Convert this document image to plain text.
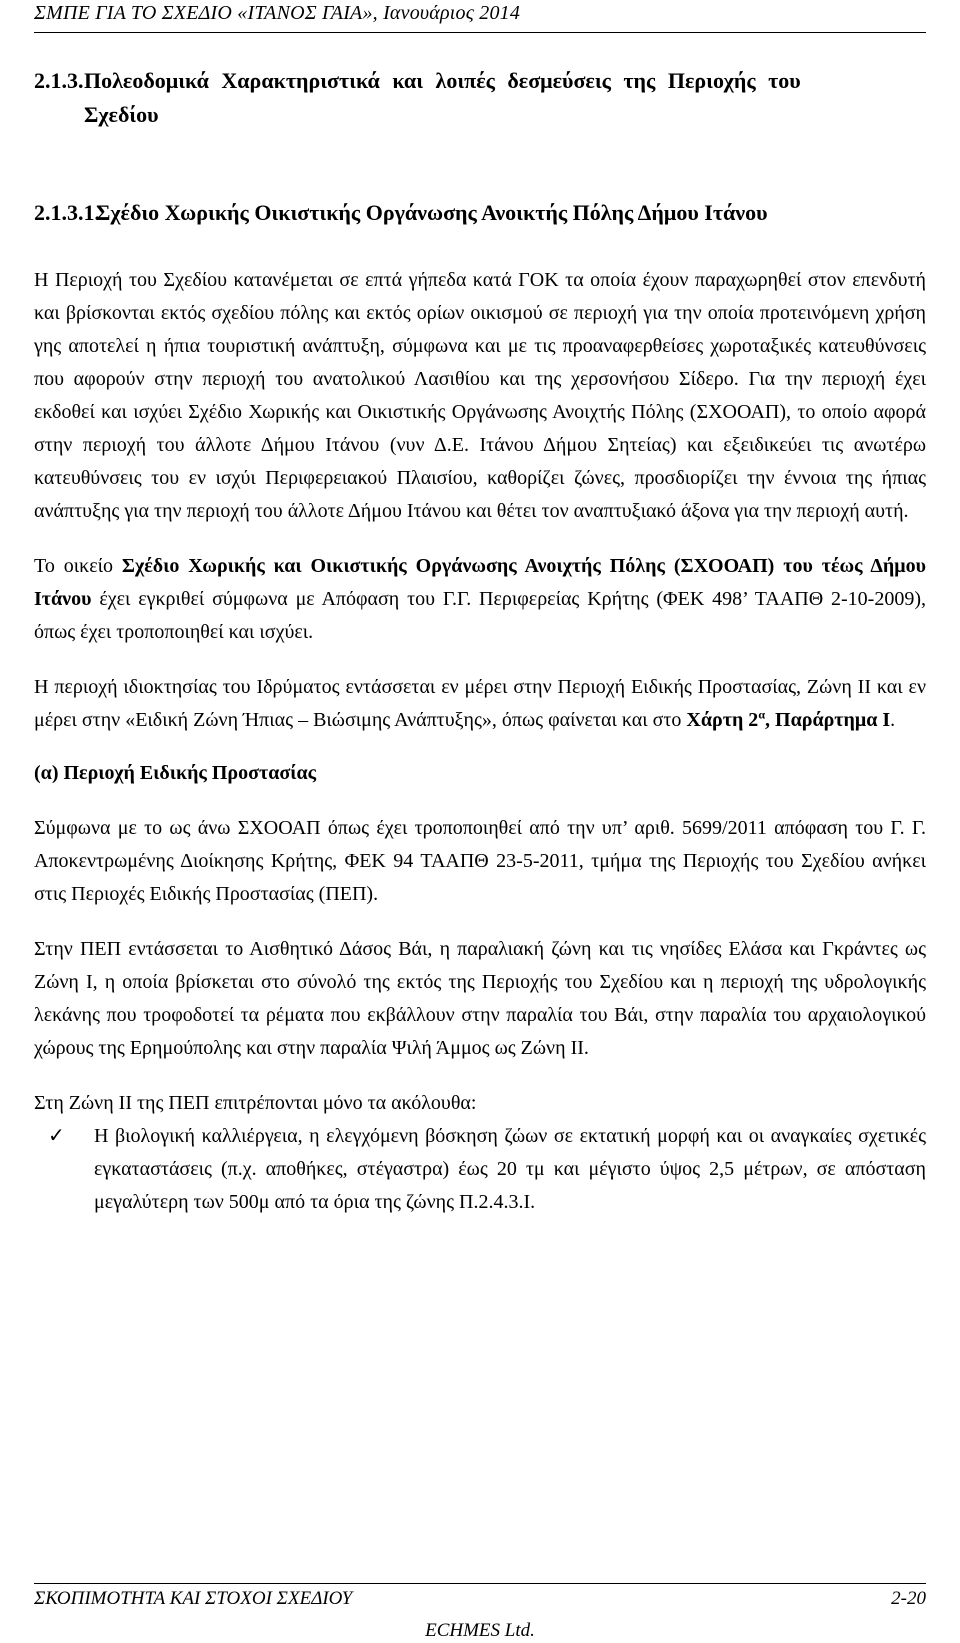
ΣΜΠΕ ΓΙΑ ΤΟ ΣΧΕΔΙΟ «ΙΤΑΝΟΣ ΓΑΙΑ», Ιανουάριος 2014
2.1.3.Πολεοδομικά Χαρακτηριστικά και λοιπές δεσμεύσεις της Περιοχής του
Σχεδίου
2.1.3.1.Σχέδιο Χωρικής Οικιστικής Οργάνωσης Ανοικτής Πόλης Δήμου Ιτάνου

Η Περιοχή του Σχεδίου κατανέμεται σε επτά γήπεδα κατά ΓΟΚ τα οποία έχουν παραχωρηθεί στον επενδυτή και βρίσκονται εκτός σχεδίου πόλης και εκτός ορίων οικισμού σε περιοχή για την οποία προτεινόμενη χρήση γης αποτελεί η ήπια τουριστική ανάπτυξη, σύμφωνα και με τις προαναφερθείσες χωροταξικές κατευθύνσεις που αφορούν στην περιοχή του ανατολικού Λασιθίου και της χερσονήσου Σίδερο. Για την περιοχή έχει εκδοθεί και ισχύει Σχέδιο Χωρικής και Οικιστικής Οργάνωσης Ανοιχτής Πόλης (ΣΧΟΟΑΠ), το οποίο αφορά στην περιοχή του άλλοτε Δήμου Ιτάνου (νυν Δ.Ε. Ιτάνου Δήμου Σητείας) και εξειδικεύει τις ανωτέρω κατευθύνσεις του εν ισχύι Περιφερειακού Πλαισίου, καθορίζει ζώνες, προσδιορίζει την έννοια της ήπιας ανάπτυξης για την περιοχή του άλλοτε Δήμου Ιτάνου και θέτει τον αναπτυξιακό άξονα για την περιοχή αυτή.

Το οικείο Σχέδιο Χωρικής και Οικιστικής Οργάνωσης Ανοιχτής Πόλης (ΣΧΟΟΑΠ) του τέως Δήμου Ιτάνου έχει εγκριθεί σύμφωνα με Απόφαση του Γ.Γ. Περιφερείας Κρήτης (ΦΕΚ 498’ ΤΑΑΠΘ 2-10-2009), όπως έχει τροποποιηθεί και ισχύει.

Η περιοχή ιδιοκτησίας του Ιδρύματος εντάσσεται εν μέρει στην Περιοχή Ειδικής Προστασίας, Ζώνη ΙΙ και εν μέρει στην «Ειδική Ζώνη Ήπιας – Βιώσιμης Ανάπτυξης», όπως φαίνεται και στο Χάρτη $2^\alpha$, Παράρτημα Ι.

(α) Περιοχή Ειδικής Προστασίας

Σύμφωνα με το ως άνω ΣΧΟΟΑΠ όπως έχει τροποποιηθεί από την υπ’ αριθ. 5699/2011 απόφαση του Γ. Γ. Αποκεντρωμένης Διοίκησης Κρήτης, ΦΕΚ 94 ΤΑΑΠΘ 23-5-2011, τμήμα της Περιοχής του Σχεδίου ανήκει στις Περιοχές Ειδικής Προστασίας (ΠΕΠ).

Στην ΠΕΠ εντάσσεται το Αισθητικό Δάσος Βάι, η παραλιακή ζώνη και τις νησίδες Ελάσα και Γκράντες ως Ζώνη Ι, η οποία βρίσκεται στο σύνολό της εκτός της Περιοχής του Σχεδίου και η περιοχή της υδρολογικής λεκάνης που τροφοδοτεί τα ρέματα που εκβάλλουν στην παραλία του Βάι, στην παραλία του αρχαιολογικού χώρους της Ερημούπολης και στην παραλία Ψιλή Άμμος ως Ζώνη ΙΙ.

Στη Ζώνη ΙΙ της ΠΕΠ επιτρέπονται μόνο τα ακόλουθα:

✓	Η βιολογική καλλιέργεια, η ελεγχόμενη βόσκηση ζώων σε εκτατική μορφή και οι αναγκαίες σχετικές εγκαταστάσεις (π.χ. αποθήκες, στέγαστρα) έως 20 τμ και μέγιστο ύψος 2,5 μέτρων, σε απόσταση μεγαλύτερη των 500μ από τα όρια της ζώνης Π.2.4.3.Ι.
ΣΚΟΠΙΜΟΤΗΤΑ ΚΑΙ ΣΤΟΧΟΙ ΣΧΕΔΙΟΥ	2-20
ECHMES Ltd.
